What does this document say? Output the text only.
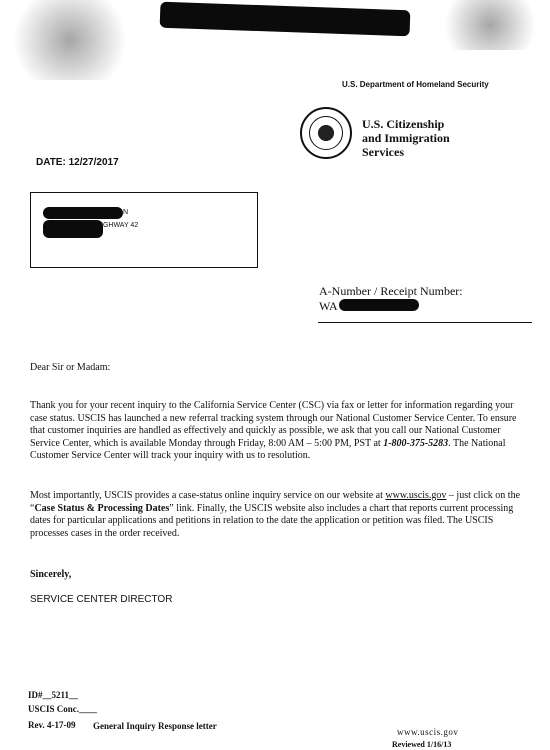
U.S. Department of Homeland Security
U.S. Citizenship
and Immigration
Services
DATE: 12/27/2017
N
IGHWAY 42
A-Number / Receipt Number:
WA
Dear Sir or Madam:
Thank you for your recent inquiry to the California Service Center (CSC) via fax or letter for information regarding your case status. USCIS has launched a new referral tracking system through our National Customer Service Center. To ensure that customer inquiries are handled as effectively and quickly as possible, we ask that you call our National Customer Service Center, which is available Monday through Friday, 8:00 AM – 5:00 PM, PST at 1-800-375-5283. The National Customer Service Center will track your inquiry with us to resolution.
Most importantly, USCIS provides a case-status online inquiry service on our website at www.uscis.gov – just click on the “Case Status & Processing Dates” link. Finally, the USCIS website also includes a chart that reports current processing dates for particular applications and petitions in relation to the date the application or petition was filed. The USCIS processes cases in the order received.
Sincerely,
SERVICE CENTER DIRECTOR
ID#__5211__
USCIS Conc.____
Rev. 4-17-09 General Inquiry Response letter
www.uscis.gov
Reviewed 1/16/13
